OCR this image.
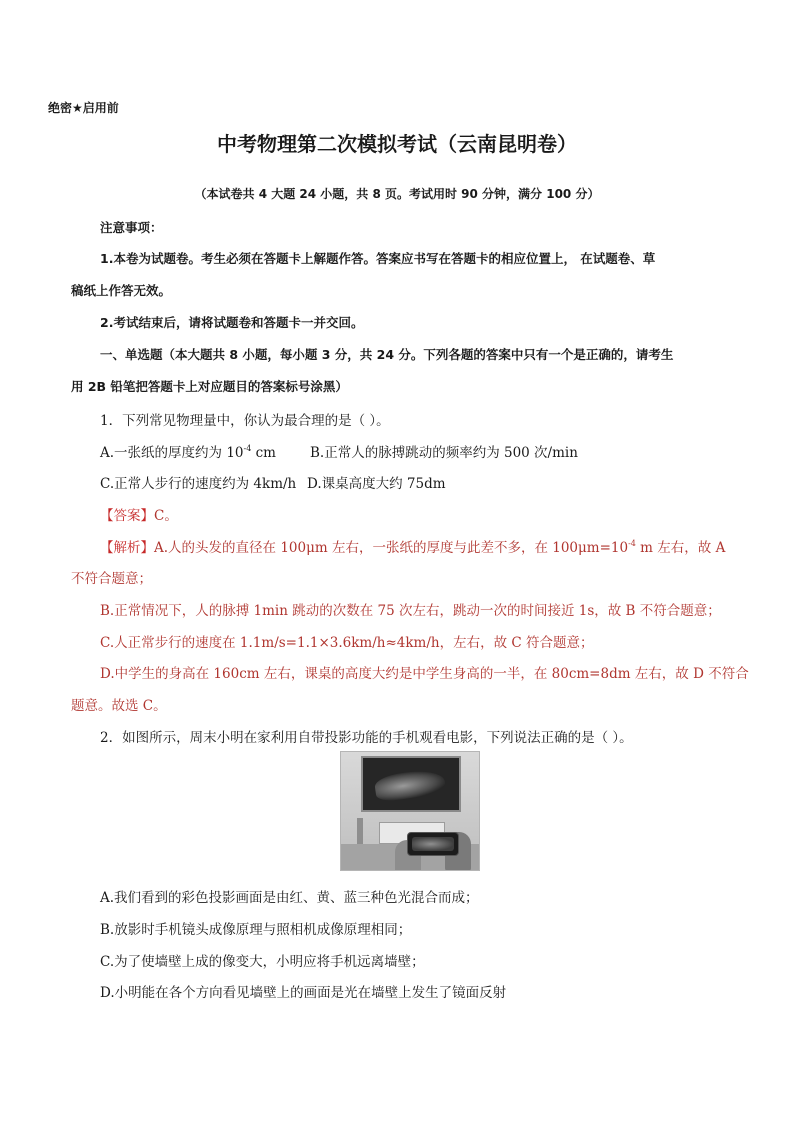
绝密★启用前
中考物理第二次模拟考试（云南昆明卷）
（本试卷共 4 大题 24 小题，共 8 页。考试用时 90 分钟，满分 100 分）
注意事项：
1.本卷为试题卷。考生必须在答题卡上解题作答。答案应书写在答题卡的相应位置上， 在试题卷、草
稿纸上作答无效。
2.考试结束后，请将试题卷和答题卡一并交回。
一、单选题（本大题共 8 小题，每小题 3 分，共 24 分。下列各题的答案中只有一个是正确的，请考生
用 2B 铅笔把答题卡上对应题目的答案标号涂黑）
1．下列常见物理量中，你认为最合理的是（ ）。
A.一张纸的厚度约为 $10^{-4}$ cm	B.正常人的脉搏跳动的频率约为 500 次/min
C.正常人步行的速度约为 4km/h D.课桌高度大约 75dm
【答案】C。
【解析】A.人的头发的直径在 100μm 左右，一张纸的厚度与此差不多，在 $100\mu m=10^{-4}$ m 左右，故 A
不符合题意；
B.正常情况下，人的脉搏 1min 跳动的次数在 75 次左右，跳动一次的时间接近 1s，故 B 不符合题意；
C.人正常步行的速度在 1.1m/s=1.1×3.6km/h≈4km/h，左右，故 C 符合题意；
D.中学生的身高在 160cm 左右，课桌的高度大约是中学生身高的一半，在 80cm=8dm 左右，故 D 不符合
题意。故选 C。
2．如图所示，周末小明在家利用自带投影功能的手机观看电影，下列说法正确的是（ ）。
A.我们看到的彩色投影画面是由红、黄、蓝三种色光混合而成；
B.放影时手机镜头成像原理与照相机成像原理相同；
C.为了使墙壁上成的像变大，小明应将手机远离墙壁；
D.小明能在各个方向看见墙壁上的画面是光在墙壁上发生了镜面反射
